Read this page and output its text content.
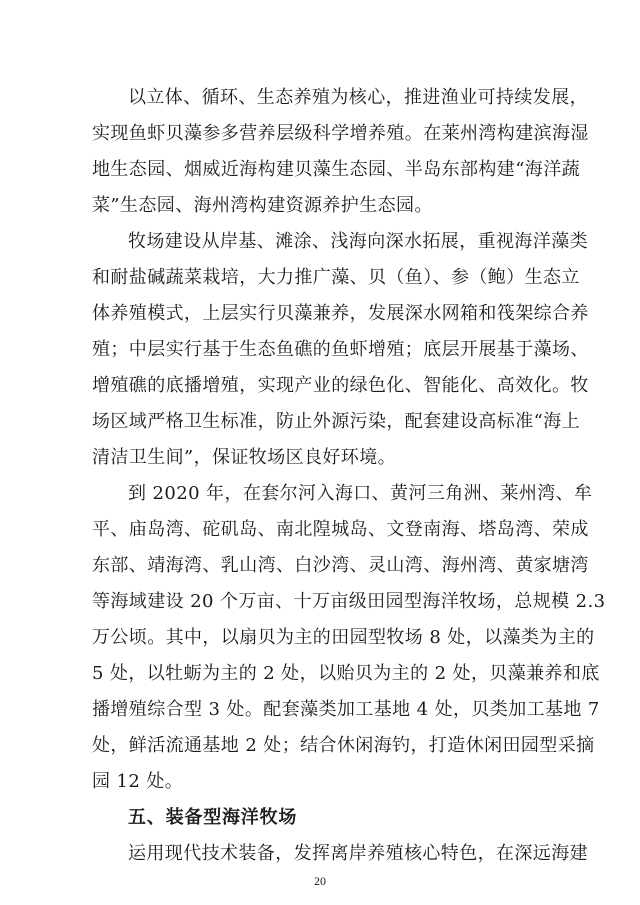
以立体、循环、生态养殖为核心，推进渔业可持续发展，
实现鱼虾贝藻参多营养层级科学增养殖。在莱州湾构建滨海湿
地生态园、烟威近海构建贝藻生态园、半岛东部构建“海洋蔬
菜”生态园、海州湾构建资源养护生态园。
牧场建设从岸基、滩涂、浅海向深水拓展，重视海洋藻类
和耐盐碱蔬菜栽培，大力推广藻、贝（鱼）、参（鲍）生态立
体养殖模式，上层实行贝藻兼养，发展深水网箱和筏架综合养
殖；中层实行基于生态鱼礁的鱼虾增殖；底层开展基于藻场、
增殖礁的底播增殖，实现产业的绿色化、智能化、高效化。牧
场区域严格卫生标准，防止外源污染，配套建设高标准“海上
清洁卫生间”，保证牧场区良好环境。
到 2020 年，在套尔河入海口、黄河三角洲、莱州湾、牟
平、庙岛湾、砣矶岛、南北隍城岛、文登南海、塔岛湾、荣成
东部、靖海湾、乳山湾、白沙湾、灵山湾、海州湾、黄家塘湾
等海域建设 20 个万亩、十万亩级田园型海洋牧场，总规模 2.3
万公顷。其中，以扇贝为主的田园型牧场 8 处，以藻类为主的
5 处，以牡蛎为主的 2 处，以贻贝为主的 2 处，贝藻兼养和底
播增殖综合型 3 处。配套藻类加工基地 4 处，贝类加工基地 7
处，鲜活流通基地 2 处；结合休闲海钓，打造休闲田园型采摘
园 12 处。
五、装备型海洋牧场
运用现代技术装备，发挥离岸养殖核心特色，在深远海建
20
